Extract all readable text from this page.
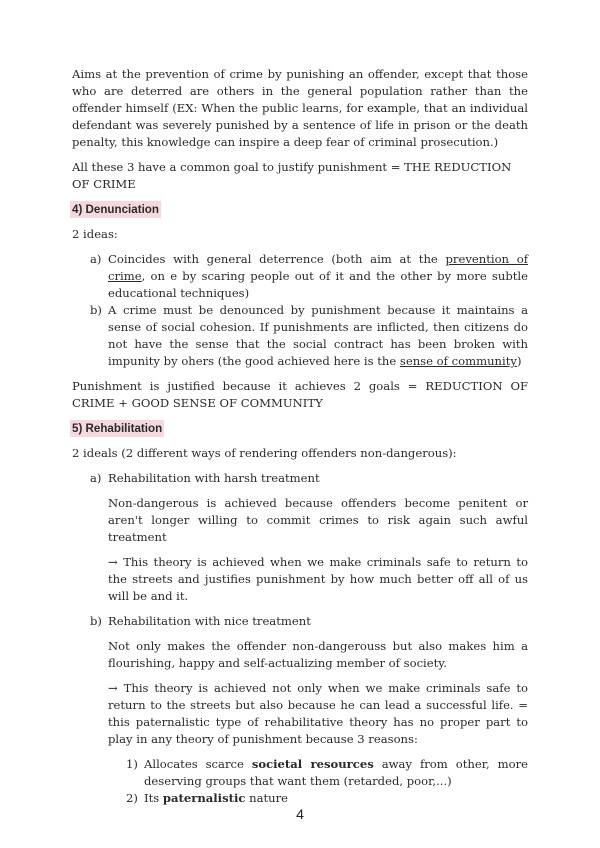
Aims at the prevention of crime by punishing an offender, except that those who are deterred are others in the general population rather than the offender himself (EX: When the public learns, for example, that an individual defendant was severely punished by a sentence of life in prison or the death penalty, this knowledge can inspire a deep fear of criminal prosecution.)

All these 3 have a common goal to justify punishment = THE REDUCTION OF CRIME

4) Denunciation

2 ideas:

a) Coincides with general deterrence (both aim at the prevention of crime, on e by scaring people out of it and the other by more subtle educational techniques)
b) A crime must be denounced by punishment because it maintains a sense of social cohesion. If punishments are inflicted, then citizens do not have the sense that the social contract has been broken with impunity by ohers (the good achieved here is the sense of community)

Punishment is justified because it achieves 2 goals = REDUCTION OF CRIME + GOOD SENSE OF COMMUNITY

5) Rehabilitation

2 ideals (2 different ways of rendering offenders non-dangerous):

a) Rehabilitation with harsh treatment

Non-dangerous is achieved because offenders become penitent or aren't longer willing to commit crimes to risk again such awful treatment

→ This theory is achieved when we make criminals safe to return to the streets and justifies punishment by how much better off all of us will be and it.

b) Rehabilitation with nice treatment

Not only makes the offender non-dangerouss but also makes him a flourishing, happy and self-actualizing member of society.

→ This theory is achieved not only when we make criminals safe to return to the streets but also because he can lead a successful life. = this paternalistic type of rehabilitative theory has no proper part to play in any theory of punishment because 3 reasons:

1) Allocates scarce societal resources away from other, more deserving groups that want them (retarded, poor,...)
2) Its paternalistic nature
4
